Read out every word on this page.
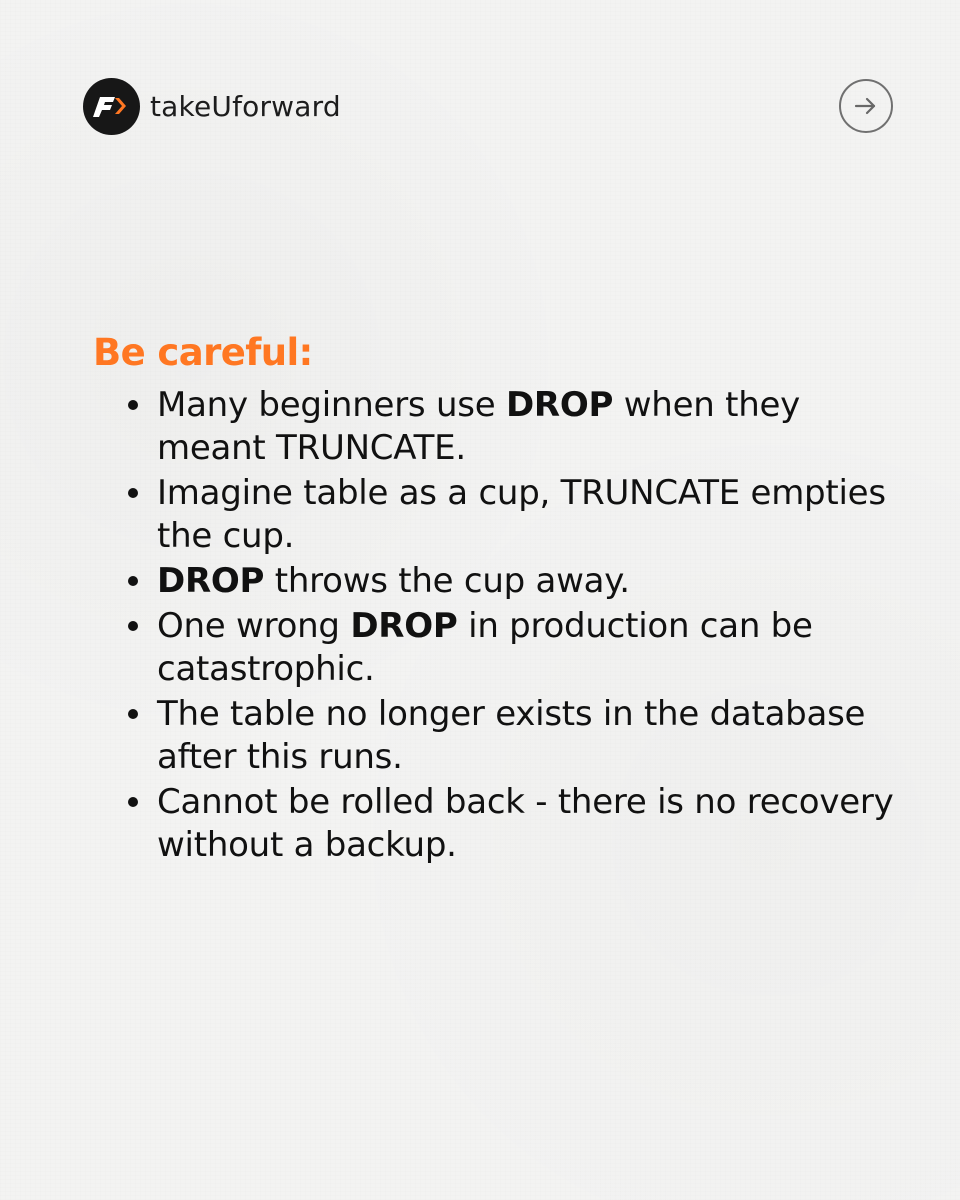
takeUforward
Be careful:
Many beginners use DROP when they meant TRUNCATE.
Imagine table as a cup, TRUNCATE empties the cup.
DROP throws the cup away.
One wrong DROP in production can be catastrophic.
The table no longer exists in the database after this runs.
Cannot be rolled back - there is no recovery without a backup.
